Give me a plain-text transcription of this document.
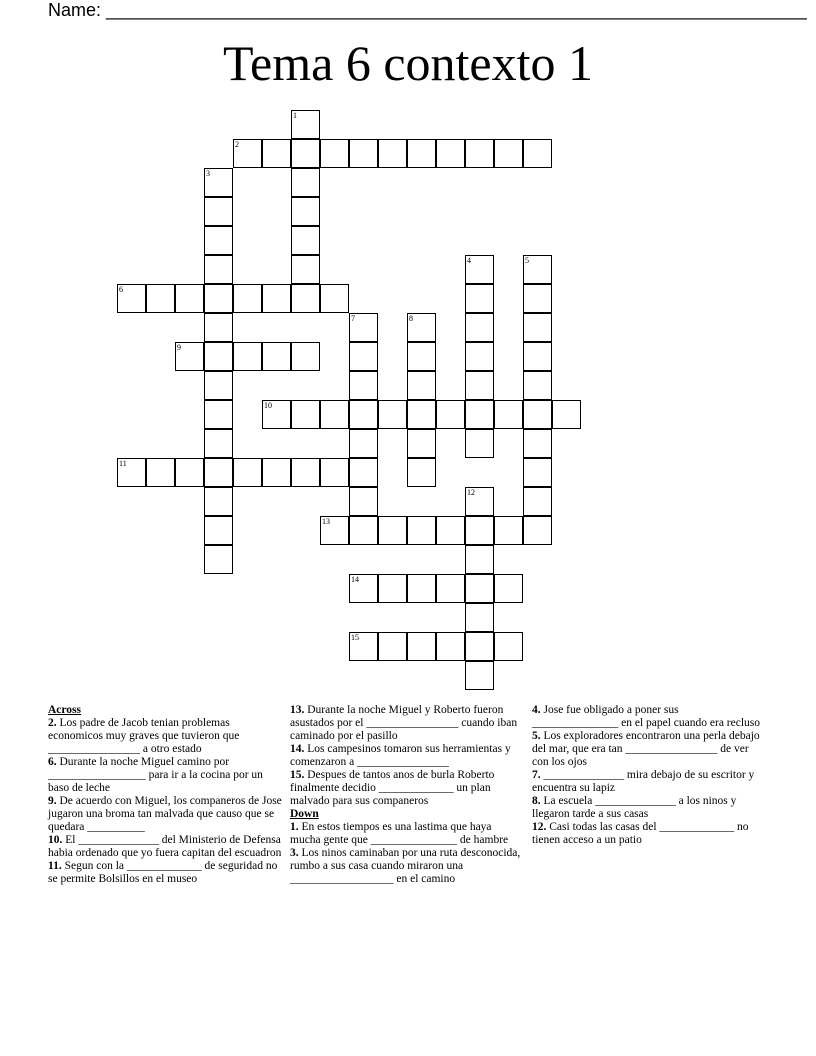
Name: ______________________________________________________________________
Tema 6 contexto 1
1
2
3
4	5
6
7	8
9
10
11
12
13
14
15

Across

2. Los padre de Jacob tenian problemas economicos muy graves que tuvieron que ________________ a otro estado

6. Durante la noche Miguel camino por _________________ para ir a la cocina por un baso de leche

9. De acuerdo con Miguel, los companeros de Jose jugaron una broma tan malvada que causo que se quedara __________

10. El ______________ del Ministerio de Defensa habia ordenado que yo fuera capitan del escuadron

11. Segun con la _____________ de seguridad no se permite Bolsillos en el museo

13. Durante la noche Miguel y Roberto fueron asustados por el ________________ cuando iban caminado por el pasillo

14. Los campesinos tomaron sus herramientas y comenzaron a ________________

15. Despues de tantos anos de burla Roberto finalmente decidio _____________ un plan malvado para sus companeros

Down

1. En estos tiempos es una lastima que haya mucha gente que _______________ de hambre

3. Los ninos caminaban por una ruta desconocida, rumbo a sus casa cuando miraron una __________________ en el camino

4. Jose fue obligado a poner sus _______________ en el papel cuando era recluso

5. Los exploradores encontraron una perla debajo del mar, que era tan ________________ de ver con los ojos

7. ______________ mira debajo de su escritor y encuentra su lapiz

8. La escuela ______________ a los ninos y llegaron tarde a sus casas

12. Casi todas las casas del _____________ no tienen acceso a un patio
